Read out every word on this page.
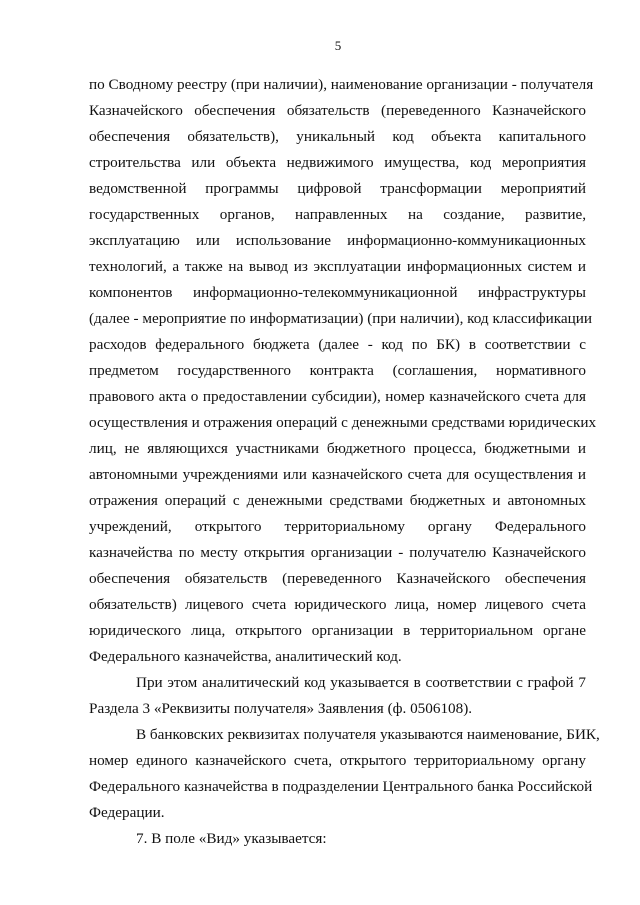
5
по Сводному реестру (при наличии), наименование организации - получателя
Казначейского обеспечения обязательств (переведенного Казначейского
обеспечения обязательств), уникальный код объекта капитального
строительства или объекта недвижимого имущества, код мероприятия
ведомственной программы цифровой трансформации мероприятий
государственных органов, направленных на создание, развитие,
эксплуатацию или использование информационно-коммуникационных
технологий, а также на вывод из эксплуатации информационных систем и
компонентов информационно-телекоммуникационной инфраструктуры
(далее - мероприятие по информатизации) (при наличии), код классификации
расходов федерального бюджета (далее - код по БК) в соответствии с
предметом государственного контракта (соглашения, нормативного
правового акта о предоставлении субсидии), номер казначейского счета для
осуществления и отражения операций с денежными средствами юридических
лиц, не являющихся участниками бюджетного процесса, бюджетными и
автономными учреждениями или казначейского счета для осуществления и
отражения операций с денежными средствами бюджетных и автономных
учреждений, открытого территориальному органу Федерального
казначейства по месту открытия организации - получателю Казначейского
обеспечения обязательств (переведенного Казначейского обеспечения
обязательств) лицевого счета юридического лица, номер лицевого счета
юридического лица, открытого организации в территориальном органе
Федерального казначейства, аналитический код.
При этом аналитический код указывается в соответствии с графой 7
Раздела 3 «Реквизиты получателя» Заявления (ф. 0506108).
В банковских реквизитах получателя указываются наименование, БИК,
номер единого казначейского счета, открытого территориальному органу
Федерального казначейства в подразделении Центрального банка Российской
Федерации.
7. В поле «Вид» указывается:
